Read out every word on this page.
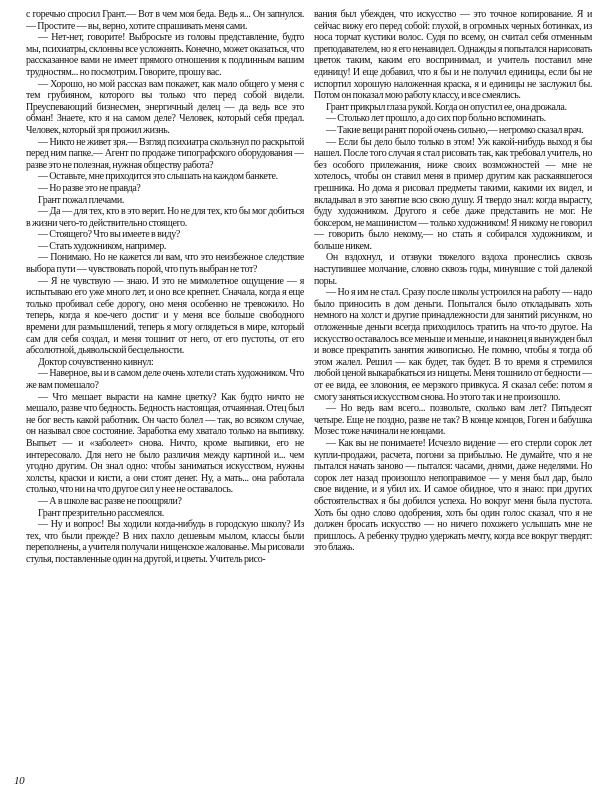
с горечью спросил Грант.— Вот в чем моя беда. Ведь я... Он запнулся.— Простите — вы, верно, хотите спрашивать меня сами.

— Нет-нет, говорите! Выбросьте из головы представление, будто мы, психиатры, склонны все усложнять. Конечно, может оказаться, что рассказанное вами не имеет прямого отношения к подлинным вашим трудностям... но посмотрим. Говорите, прошу вас.

— Хорошо, но мой рассказ вам покажет, как мало общего у меня с тем грубияном, которого вы только что перед собой видели. Преуспевающий бизнесмен, энергичный делец — да ведь все это обман! Знаете, кто я на самом деле? Человек, который себя предал. Человек, который зря прожил жизнь.

— Никто не живет зря.— Взгляд психиатра скользнул по раскрытой перед ним папке.— Агент по продаже типографского оборудования — разве это не полезная, нужная обществу работа?

— Оставьте, мне приходится это слышать на каждом банкете.

— Но разве это не правда?

Грант пожал плечами.

— Да — для тех, кто в это верит. Но не для тех, кто бы мог добиться в жизни чего-то действительно стоящего.

— Стоящего? Что вы имеете в виду?

— Стать художником, например.

— Понимаю. Но не кажется ли вам, что это неизбежное следствие выбора пути — чувствовать порой, что путь выбран не тот?

— Я не чувствую — знаю. И это не мимолетное ощущение — я испытываю его уже много лет, и оно все крепнет. Сначала, когда я еще только пробивал себе дорогу, оно меня особенно не тревожило. Но теперь, когда я кое-чего достиг и у меня все больше свободного времени для размышлений, теперь я могу оглядеться в мире, который сам для себя создал, и меня тошнит от него, от его пустоты, от его абсолютной, дьявольской бесцельности.

Доктор сочувственно кивнул:

— Наверное, вы и в самом деле очень хотели стать художником. Что же вам помешало?

— Что мешает вырасти на камне цветку? Как будто ничто не мешало, разве что бедность. Бедность настоящая, отчаянная. Отец был не бог весть какой работник. Он часто болел — так, во всяком случае, он называл свое состояние. Заработка ему хватало только на выпивку. Выпьет — и «заболеет» снова. Ничто, кроме выпивки, его не интересовало. Для него не было различия между картиной и... чем угодно другим. Он знал одно: чтобы заниматься искусством, нужны холсты, краски и кисти, а они стоят денег. Ну, а мать... она работала столько, что ни на что другое сил у нее не оставалось.

— А в школе вас разве не поощряли?

Грант презрительно рассмеялся.

— Ну и вопрос! Вы ходили когда-нибудь в городскую школу? Из тех, что были прежде? В них пахло дешевым мылом, классы были переполнены, а учителя получали нищенское жалованье. Мы рисовали стулья, поставленные один на другой, и цветы. Учитель рисо-

вания был убежден, что искусство — это точное копирование. Я и сейчас вижу его перед собой: глухой, в огромных черных ботинках, из носа торчат кустики волос. Судя по всему, он считал себя отменным преподавателем, но я его ненавидел. Однажды я попытался нарисовать цветок таким, каким его воспринимал, и учитель поставил мне единицу! И еще добавил, что я бы и не получил единицы, если бы не испортил хорошую наложенная краска, я и единицы не заслужил бы. Потом он показал мою работу классу, и все смеялись.

Грант прикрыл глаза рукой. Когда он опустил ее, она дрожала.

— Столько лет прошло, а до сих пор больно вспоминать.

— Такие вещи ранят порой очень сильно,— негромко сказал врач.

— Если бы дело было только в этом! Уж какой-нибудь выход я бы нашел. После того случая я стал рисовать так, как требовал учитель, но без особого прилежания, ниже своих возможностей — мне не хотелось, чтобы он ставил меня в пример другим как раскаявшегося грешника. Но дома я рисовал предметы такими, какими их видел, и вкладывал в это занятие всю свою душу. Я твердо знал: когда вырасту, буду художником. Другого я себе даже представить не мог. Не боксером, не машинистом — только художником! Я никому не говорил — говорить было некому,— но стать я собирался художником, и больше никем.

Он вздохнул, и отзвуки тяжелого вздоха пронеслись сквозь наступившее молчание, словно сквозь годы, минувшие с той далекой поры.

— Но я им не стал. Сразу после школы устроился на работу — надо было приносить в дом деньги. Попытался было откладывать хоть немного на холст и другие принадлежности для занятий рисунком, но отложенные деньги всегда приходилось тратить на что-то другое. На искусство оставалось все меньше и меньше, и наконец я вынужден был и вовсе прекратить занятия живописью. Не помню, чтобы я тогда об этом жалел. Решил — как будет, так будет. В то время я стремился любой ценой выкарабкаться из нищеты. Меня тошнило от бедности — от ее вида, ее зловония, ее мерзкого привкуса. Я сказал себе: потом я смогу заняться искусством снова. Но этого так и не произошло.

— Но ведь вам всего... позвольте, сколько вам лет? Пятьдесят четыре. Еще не поздно, разве не так? В конце концов, Гоген и бабушка Мозес тоже начинали не юнцами.

— Как вы не понимаете! Исчезло видение — его стерли сорок лет купли-продажи, расчета, погони за прибылью. Не думайте, что я не пытался начать заново — пытался: часами, днями, даже неделями. Но сорок лет назад произошло непоправимое — у меня был дар, было свое видение, и я убил их. И самое обидное, что я знаю: при других обстоятельствах я бы добился успеха. Но вокруг меня была пустота. Хоть бы одно слово одобрения, хоть бы один голос сказал, что я не должен бросать искусство — но ничего похожего услышать мне не пришлось. А ребенку трудно удержать мечту, когда все вокруг твердят: это блажь.

10
